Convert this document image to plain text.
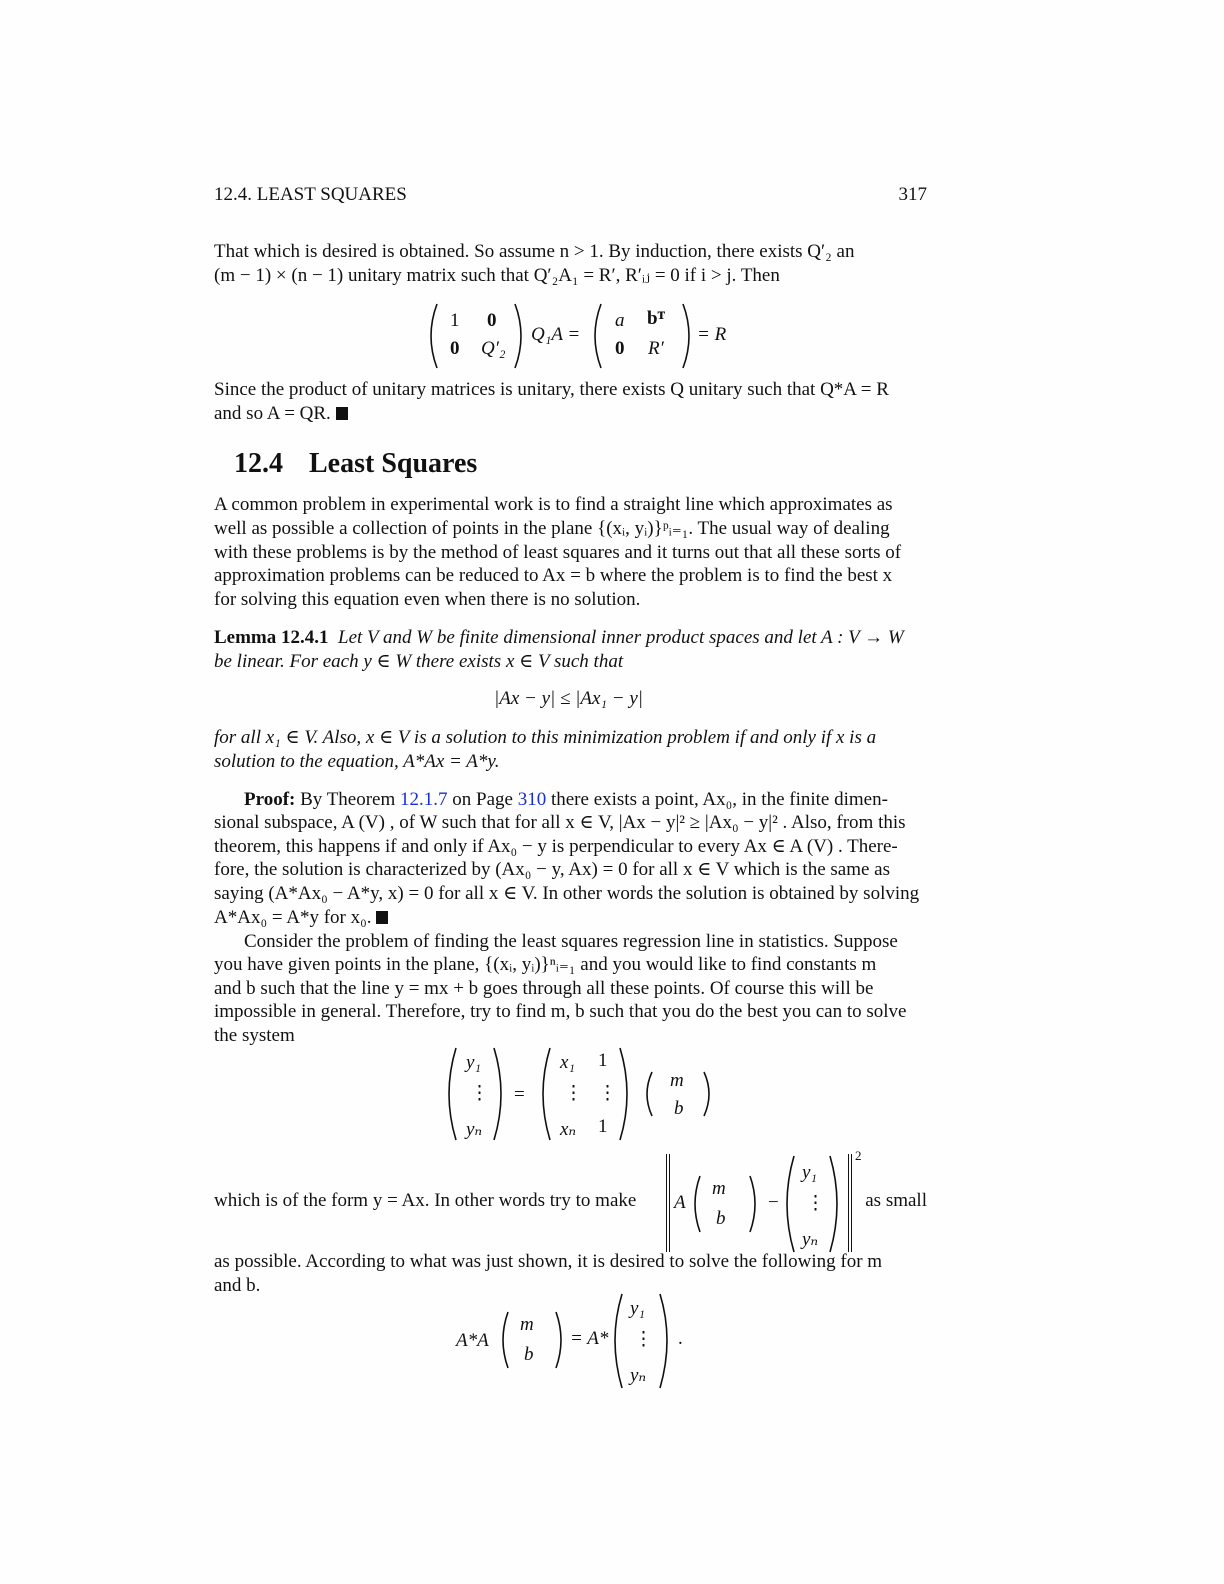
12.4. LEAST SQUARES	317
That which is desired is obtained. So assume n > 1. By induction, there exists Q′₂ an
(m − 1) × (n − 1) unitary matrix such that Q′₂A₁ = R′, R′ᵢⱼ = 0 if i > j. Then
1 0
0 Q′₂
Q₁A =
a bᵀ
0 R′
= R
Since the product of unitary matrices is unitary, there exists Q unitary such that Q*A = R
and so A = QR.
12.4 Least Squares
A common problem in experimental work is to find a straight line which approximates as
well as possible a collection of points in the plane {(xᵢ, yᵢ)}ᵖᵢ₌₁. The usual way of dealing
with these problems is by the method of least squares and it turns out that all these sorts of
approximation problems can be reduced to Ax = b where the problem is to find the best x
for solving this equation even when there is no solution.
Lemma 12.4.1 Let V and W be finite dimensional inner product spaces and let A : V → W
be linear. For each y ∈ W there exists x ∈ V such that
|Ax − y| ≤ |Ax₁ − y|
for all x₁ ∈ V. Also, x ∈ V is a solution to this minimization problem if and only if x is a
solution to the equation, A*Ax = A*y.
Proof: By Theorem 12.1.7 on Page 310 there exists a point, Ax₀, in the finite dimen-
sional subspace, A (V) , of W such that for all x ∈ V, |Ax − y|² ≥ |Ax₀ − y|² . Also, from this
theorem, this happens if and only if Ax₀ − y is perpendicular to every Ax ∈ A (V) . There-
fore, the solution is characterized by (Ax₀ − y, Ax) = 0 for all x ∈ V which is the same as
saying (A*Ax₀ − A*y, x) = 0 for all x ∈ V. In other words the solution is obtained by solving
A*Ax₀ = A*y for x₀.
Consider the problem of finding the least squares regression line in statistics. Suppose
you have given points in the plane, {(xᵢ, yᵢ)}ⁿᵢ₌₁ and you would like to find constants m
and b such that the line y = mx + b goes through all these points. Of course this will be
impossible in general. Therefore, try to find m, b such that you do the best you can to solve
the system
y₁
⋮
yₙ
=
x₁ 1
⋮ ⋮
xₙ 1
m
b
which is of the form y = Ax. In other words try to make A
m
b
−
y₁
⋮
yₙ
2
as small
as possible. According to what was just shown, it is desired to solve the following for m
and b.
A*A
m
b
= A*
y₁
⋮
yₙ
.
